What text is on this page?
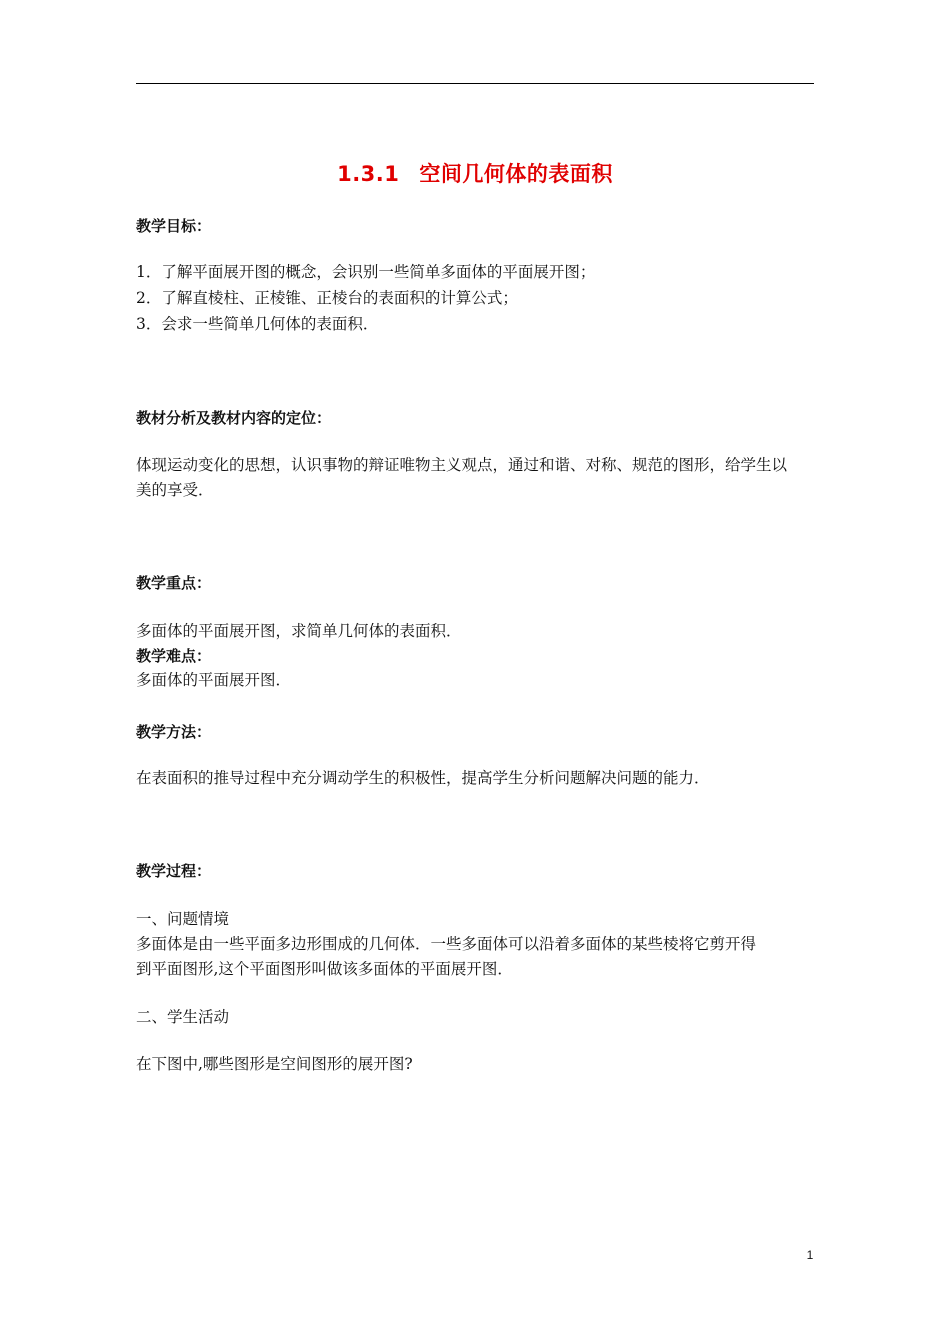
1.3.1 空间几何体的表面积
教学目标：
1．了解平面展开图的概念，会识别一些简单多面体的平面展开图；
2．了解直棱柱、正棱锥、正棱台的表面积的计算公式；
3．会求一些简单几何体的表面积．
教材分析及教材内容的定位：
体现运动变化的思想，认识事物的辩证唯物主义观点，通过和谐、对称、规范的图形，给学生以
美的享受．
教学重点：
多面体的平面展开图，求简单几何体的表面积．
教学难点：
多面体的平面展开图．
教学方法：
在表面积的推导过程中充分调动学生的积极性，提高学生分析问题解决问题的能力．
教学过程：
一、问题情境
多面体是由一些平面多边形围成的几何体．一些多面体可以沿着多面体的某些棱将它剪开得
到平面图形,这个平面图形叫做该多面体的平面展开图．
二、学生活动
在下图中,哪些图形是空间图形的展开图?
1
